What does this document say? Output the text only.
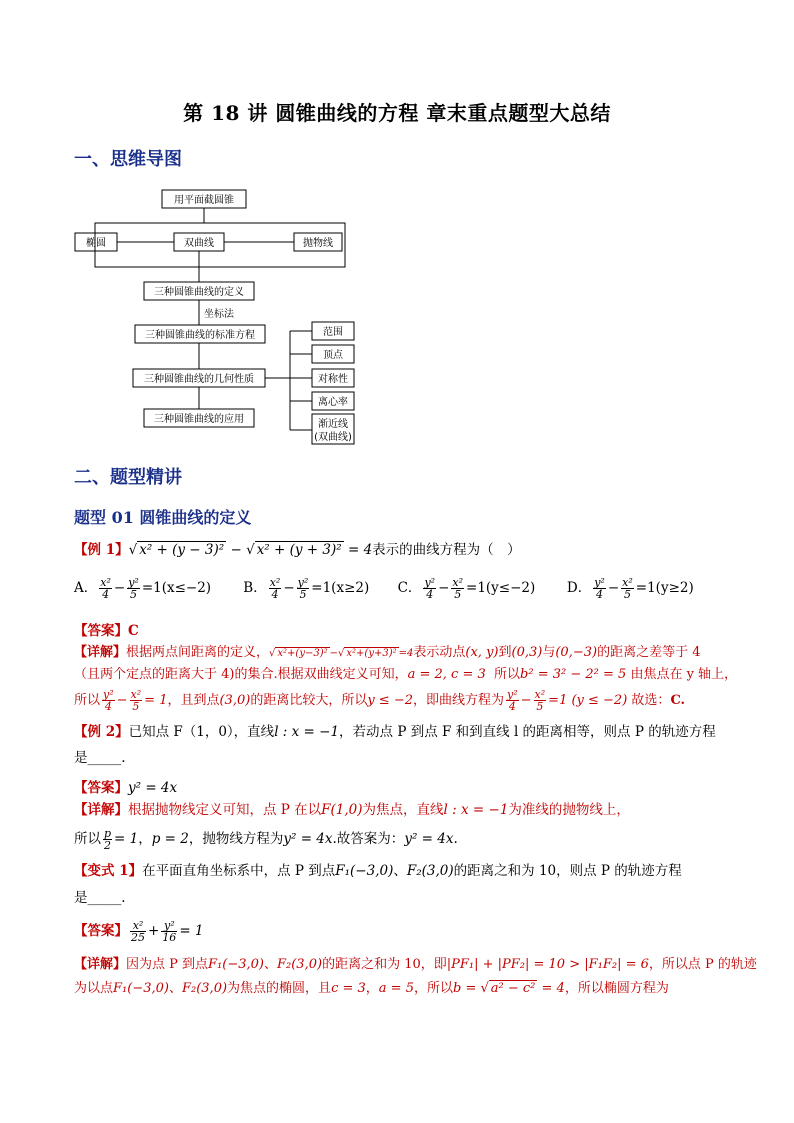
第 18 讲 圆锥曲线的方程 章末重点题型大总结
一、思维导图
用平面截圆锥
椭圆	双曲线	抛物线
三种圆锥曲线的定义
坐标法
三种圆锥曲线的标准方程
三种圆锥曲线的几何性质
三种圆锥曲线的应用
范围
顶点
对称性
离心率
渐近线
(双曲线)
二、题型精讲
题型 01 圆锥曲线的定义
【例 1】√ x² + (y − 3)² − √ x² + (y + 3)² = 4表示的曲线方程为（　）
A． $\frac{\text{x²}}{4} - \frac{\text{y²}}{5} =1(x\le-2)$ B． $\frac{\text{x²}}{4} - \frac{\text{y²}}{5} =1(x\ge 2)$ C． $\frac{\text{y²}}{4} - \frac{\text{x²}}{5} =1(y\le-2)$ D． $\frac{\text{y²}}{4} - \frac{\text{x²}}{5} =1(y\ge 2)$
【答案】C
【详解】根据两点间距离的定义，√ x²+(y−3)² −√ x²+(y+3)² =4表示动点(x, y)到(0,3)与(0,−3)的距离之差等于 4
（且两个定点的距离大于 4)的集合.根据双曲线定义可知，a = 2, c = 3 所以b² = 3² − 2² = 5 由焦点在 y 轴上，
所以 $\frac{\text{y²}}{4} - \frac{\text{x²}}{5} = 1$，且到点(3,0)的距离比较大，所以y ≤ −2，即曲线方程为 $\frac{\text{y²}}{4} - \frac{\text{x²}}{5} =1$ (y ≤ −2) 故选：C.
【例 2】已知点 F（1，0），直线l : x = −1，若动点 P 到点 F 和到直线 l 的距离相等，则点 P 的轨迹方程
是_____.
【答案】y² = 4x
【详解】根据抛物线定义可知，点 P 在以F(1,0)为焦点，直线l : x = −1为准线的抛物线上，
所以 $\frac{p}{2} = 1$，p = 2，抛物线方程为y² = 4x.故答案为：y² = 4x.
【变式 1】在平面直角坐标系中，点 P 到点F₁(−3,0)、F₂(3,0)的距离之和为 10，则点 P 的轨迹方程
是_____.
【答案】 $\frac{\text{x²}}{25} + \frac{\text{y²}}{16} = 1$
【详解】因为点 P 到点F₁(−3,0)、F₂(3,0)的距离之和为 10，即|PF₁| + |PF₂| = 10 > |F₁F₂| = 6，所以点 P 的轨迹
为以点F₁(−3,0)、F₂(3,0)为焦点的椭圆，且c = 3，a = 5，所以b = √ a² − c² = 4，所以椭圆方程为
